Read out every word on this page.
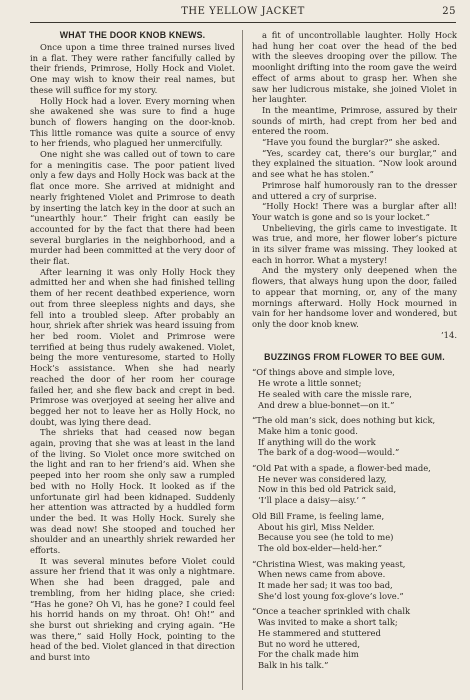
THE YELLOW JACKET	25
WHAT THE DOOR KNOB KNEWS.

Once upon a time three trained nurses lived in a flat. They were rather fancifully called by their friends, Primrose, Holly Hock and Violet. One may wish to know their real names, but these will suffice for my story.

Holly Hock had a lover. Every morning when she awakened she was sure to find a huge bunch of flowers hanging on the door-knob. This little romance was quite a source of envy to her friends, who plagued her unmercifully.

One night she was called out of town to care for a meningitis case. The poor patient lived only a few days and Holly Hock was back at the flat once more. She arrived at midnight and nearly frightened Violet and Primrose to death by inserting the latch key in the door at such an “unearthly hour.” Their fright can easily be accounted for by the fact that there had been several burglaries in the neighborhood, and a murder had been committed at the very door of their flat.

After learning it was only Holly Hock they admitted her and when she had finished telling them of her recent deathbed experience, worn out from three sleepless nights and days, she fell into a troubled sleep. After probably an hour, shriek after shriek was heard issuing from her bed room. Violet and Primrose were terrified at being thus rudely awakened. Violet, being the more venturesome, started to Holly Hock’s assistance. When she had nearly reached the door of her room her courage failed her, and she flew back and crept in bed. Primrose was overjoyed at seeing her alive and begged her not to leave her as Holly Hock, no doubt, was lying there dead.

The shrieks that had ceased now began again, proving that she was at least in the land of the living. So Violet once more switched on the light and ran to her friend’s aid. When she peeped into her room she only saw a rumpled bed with no Holly Hock. It looked as if the unfortunate girl had been kidnaped. Suddenly her attention was attracted by a huddled form under the bed. It was Holly Hock. Surely she was dead now! She stooped and touched her shoulder and an unearthly shriek rewarded her efforts.

It was several minutes before Violet could assure her friend that it was only a nightmare. When she had been dragged, pale and trembling, from her hiding place, she cried: “Has he gone? Oh Vi, has he gone? I could feel his horrid hands on my throat. Oh! Oh!” and she burst out shrieking and crying again. “He was there,” said Holly Hock, pointing to the head of the bed. Violet glanced in that direction and burst into

a fit of uncontrollable laughter. Holly Hock had hung her coat over the head of the bed with the sleeves drooping over the pillow. The moonlight drifting into the room gave the weird effect of arms about to grasp her. When she saw her ludicrous mistake, she joined Violet in her laughter.

In the meantime, Primrose, assured by their sounds of mirth, had crept from her bed and entered the room.

“Have you found the burglar?” she asked.

“Yes, scardey cat, there’s our burglar,” and they explained the situation. “Now look around and see what he has stolen.”

Primrose half humorously ran to the dresser and uttered a cry of surprise.

“Holly Hock! There was a burglar after all! Your watch is gone and so is your locket.”

Unbelieving, the girls came to investigate. It was true, and more, her flower lober’s picture in its silver frame was missing. They looked at each in horror. What a mystery!

And the mystery only deepened when the flowers, that always hung upon the door, failed to appear that morning, or, any of the many mornings afterward. Holly Hock mourned in vain for her handsome lover and wondered, but only the door knob knew.

’14.

BUZZINGS FROM FLOWER TO BEE GUM.
“Of things above and simple love,
He wrote a little sonnet;
He sealed with care the missle rare,
And drew a blue-bonnet—on it.”
“The old man’s sick, does nothing but kick,
Make him a tonic good.
If anything will do the work
The bark of a dog-wood—would.”
“Old Pat with a spade, a flower-bed made,
He never was considered lazy,
Now in this bed old Patrick said,
‘I’ll place a daisy—aisy.’ ”
Old Bill Frame, is feeling lame,
About his girl, Miss Nelder.
Because you see (he told to me)
The old box-elder—held-her.”
“Christina Wiest, was making yeast,
When news came from above.
It made her sad; it was too bad,
She’d lost young fox-glove’s love.”
“Once a teacher sprinkled with chalk
Was invited to make a short talk;
He stammered and stuttered
But no word he uttered,
For the chalk made him
Balk in his talk.”
